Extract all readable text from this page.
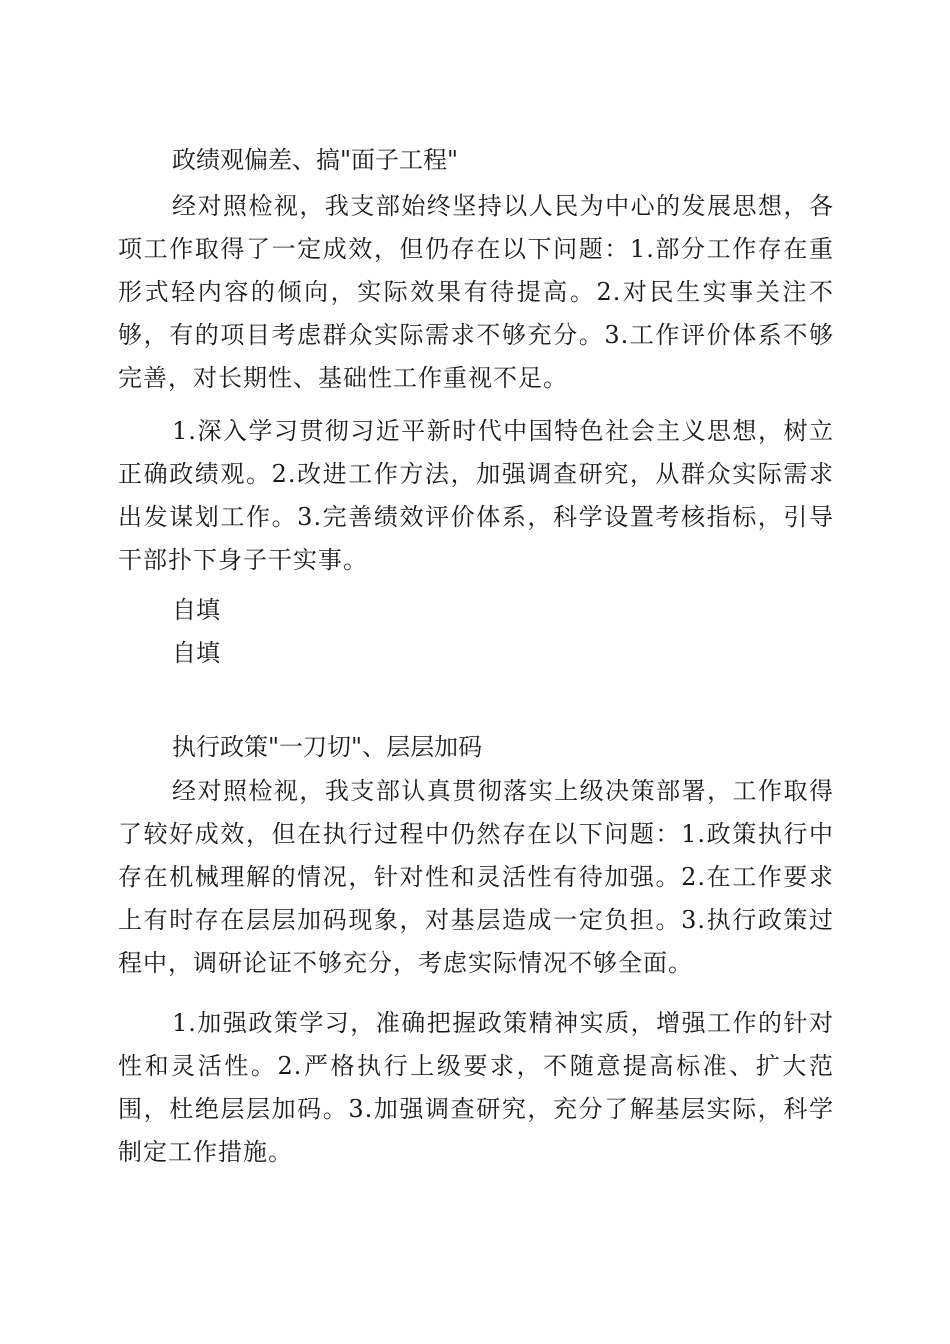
政绩观偏差、搞"面子工程"
经对照检视，我支部始终坚持以人民为中心的发展思想，各项工作取得了一定成效，但仍存在以下问题：1.部分工作存在重形式轻内容的倾向，实际效果有待提高。2.对民生实事关注不够，有的项目考虑群众实际需求不够充分。3.工作评价体系不够完善，对长期性、基础性工作重视不足。
1.深入学习贯彻习近平新时代中国特色社会主义思想，树立正确政绩观。2.改进工作方法，加强调查研究，从群众实际需求出发谋划工作。3.完善绩效评价体系，科学设置考核指标，引导干部扑下身子干实事。
自填
自填
执行政策"一刀切"、层层加码
经对照检视，我支部认真贯彻落实上级决策部署，工作取得了较好成效，但在执行过程中仍然存在以下问题：1.政策执行中存在机械理解的情况，针对性和灵活性有待加强。2.在工作要求上有时存在层层加码现象，对基层造成一定负担。3.执行政策过程中，调研论证不够充分，考虑实际情况不够全面。
1.加强政策学习，准确把握政策精神实质，增强工作的针对性和灵活性。2.严格执行上级要求，不随意提高标准、扩大范围，杜绝层层加码。3.加强调查研究，充分了解基层实际，科学制定工作措施。
